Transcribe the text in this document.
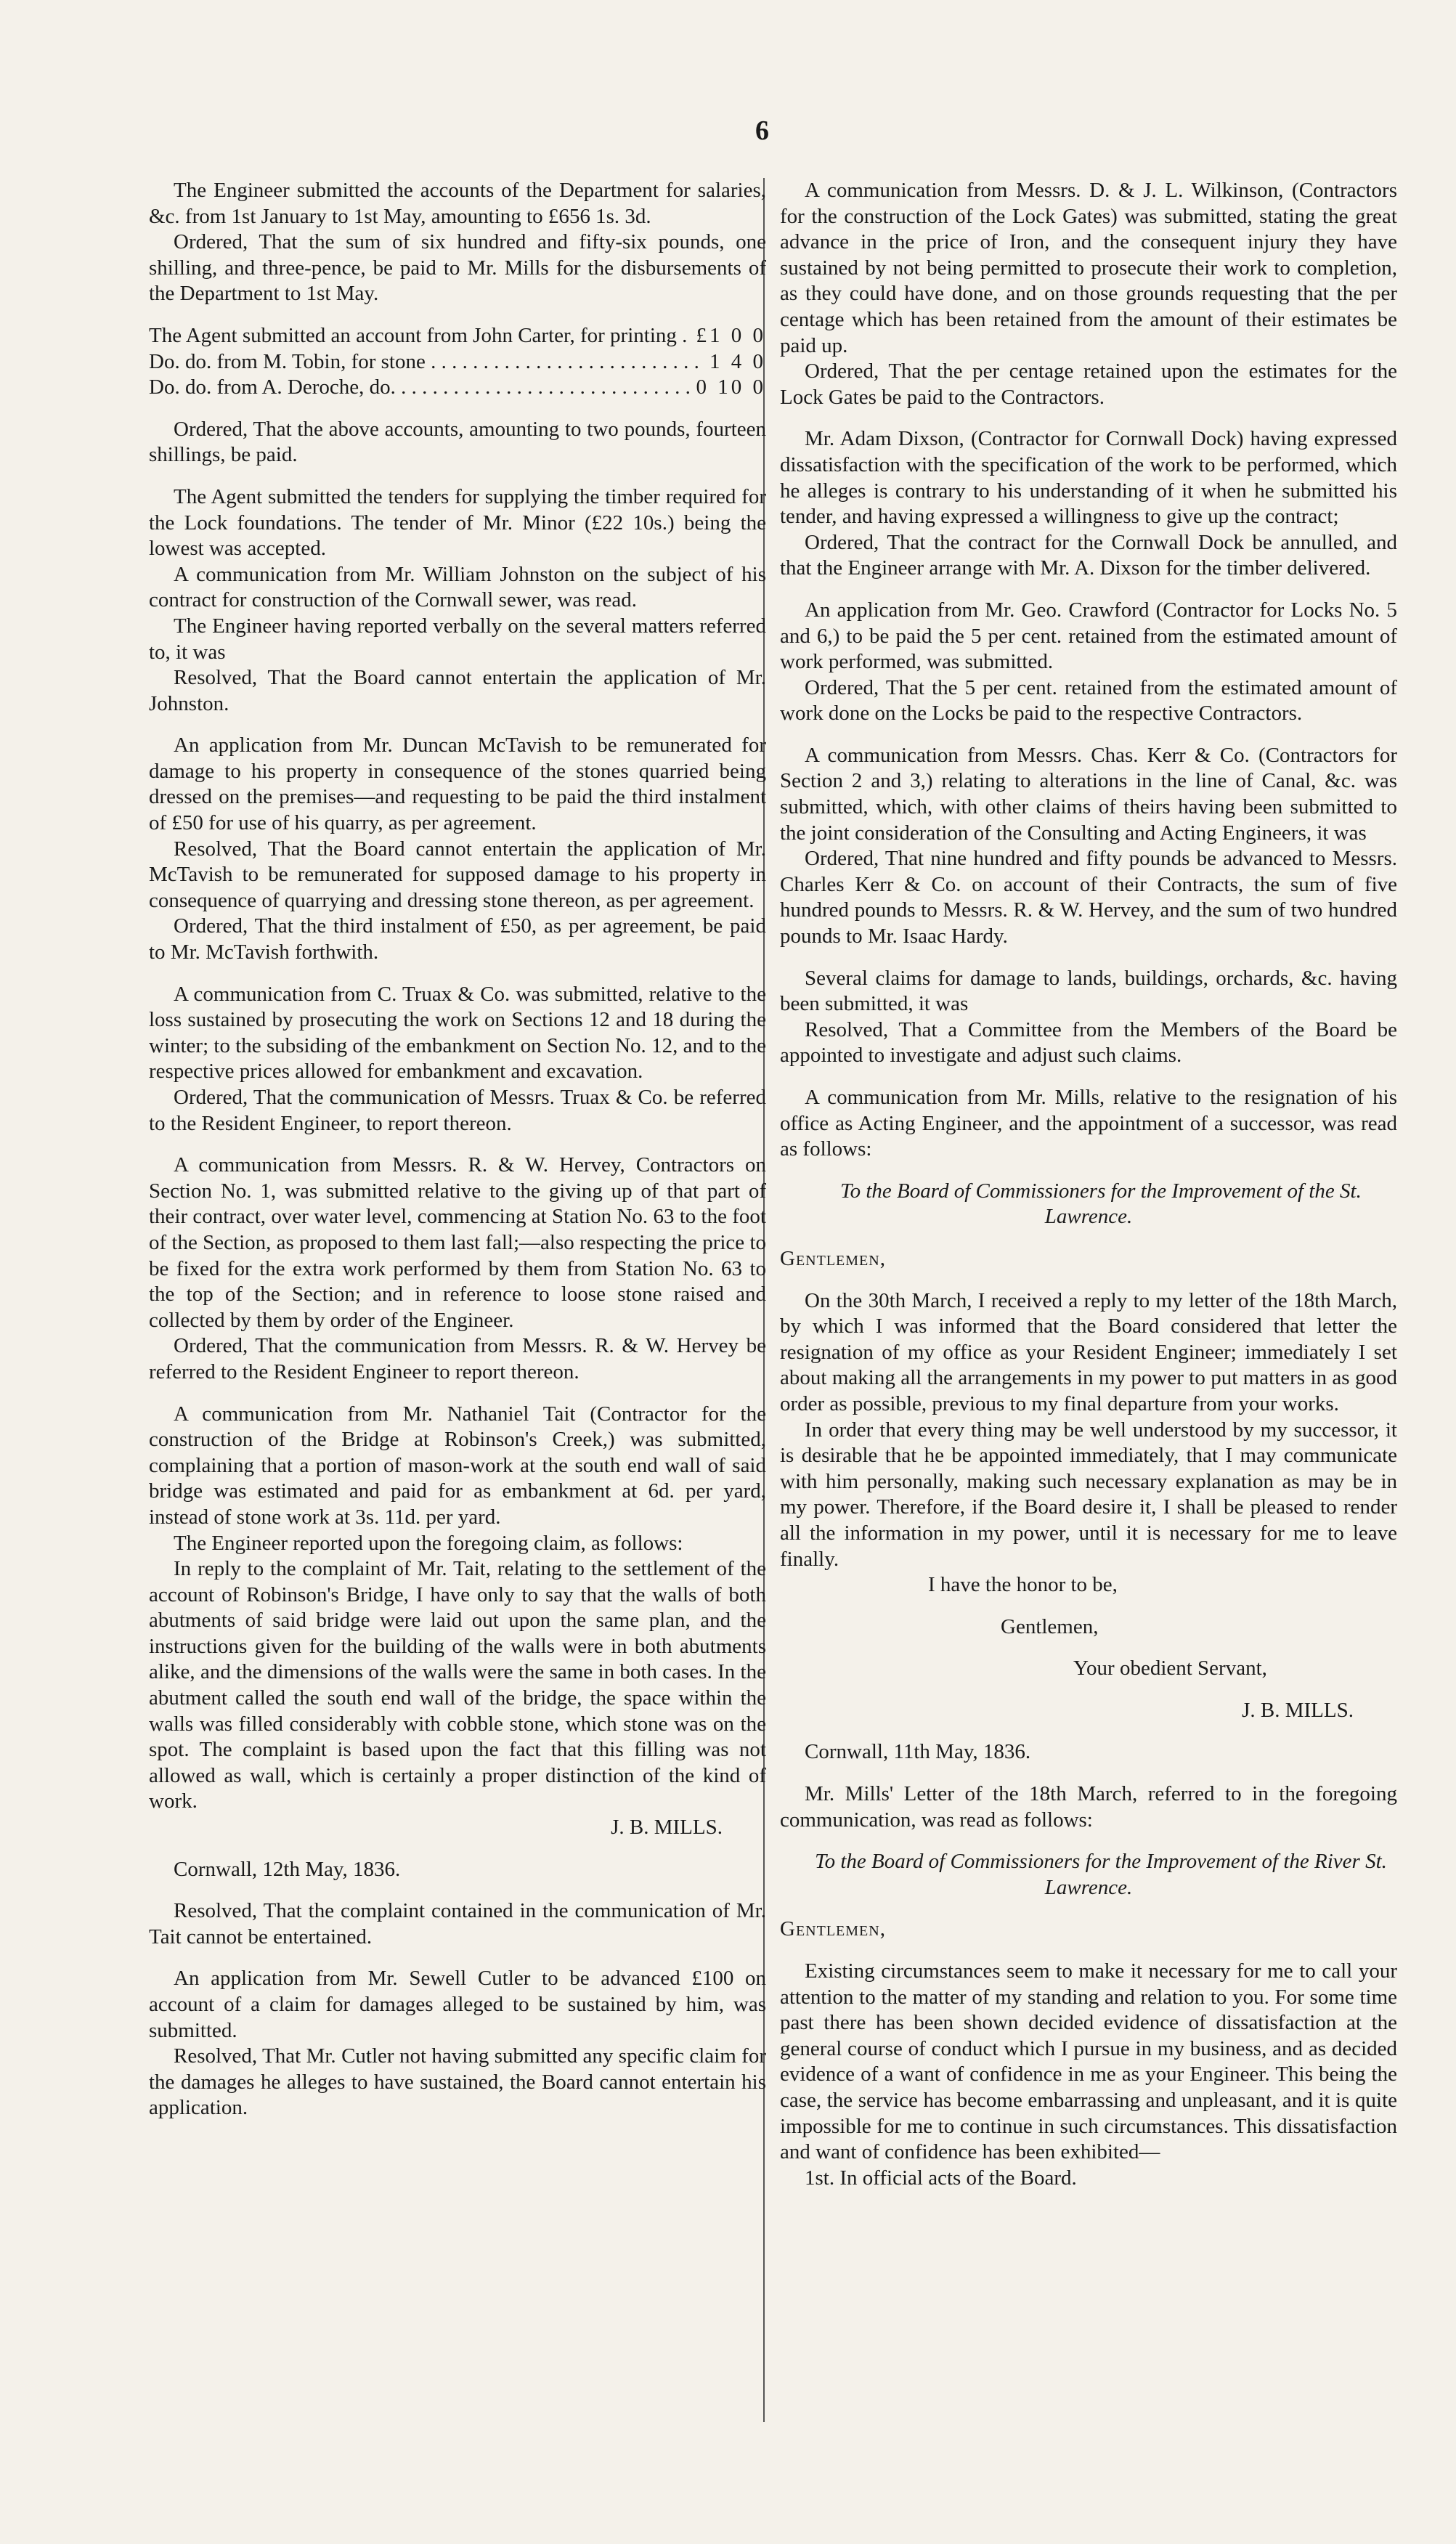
6

The Engineer submitted the accounts of the Department for salaries, &c. from 1st January to 1st May, amounting to £656 1s. 3d.

Ordered, That the sum of six hundred and fifty-six pounds, one shilling, and three-pence, be paid to Mr. Mills for the disbursements of the Department to 1st May.

The Agent submitted an account from John Carter, for printing . . . £1 0 0
Do. do. from M. Tobin, for stone . . .	1 4 0
Do. do. from A. Deroche, do. . . .	0 10 0

Ordered, That the above accounts, amounting to two pounds, fourteen shillings, be paid.

The Agent submitted the tenders for supplying the timber required for the Lock foundations. The tender of Mr. Minor (£22 10s.) being the lowest was accepted.

A communication from Mr. William Johnston on the subject of his contract for construction of the Cornwall sewer, was read.

The Engineer having reported verbally on the several matters referred to, it was

Resolved, That the Board cannot entertain the application of Mr. Johnston.

An application from Mr. Duncan McTavish to be remunerated for damage to his property in consequence of the stones quarried being dressed on the premises—and requesting to be paid the third instalment of £50 for use of his quarry, as per agreement.

Resolved, That the Board cannot entertain the application of Mr. McTavish to be remunerated for supposed damage to his property in consequence of quarrying and dressing stone thereon, as per agreement.

Ordered, That the third instalment of £50, as per agreement, be paid to Mr. McTavish forthwith.

A communication from C. Truax & Co. was submitted, relative to the loss sustained by prosecuting the work on Sections 12 and 18 during the winter; to the subsiding of the embankment on Section No. 12, and to the respective prices allowed for embankment and excavation.

Ordered, That the communication of Messrs. Truax & Co. be referred to the Resident Engineer, to report thereon.

A communication from Messrs. R. & W. Hervey, Contractors on Section No. 1, was submitted relative to the giving up of that part of their contract, over water level, commencing at Station No. 63 to the foot of the Section, as proposed to them last fall;—also respecting the price to be fixed for the extra work performed by them from Station No. 63 to the top of the Section; and in reference to loose stone raised and collected by them by order of the Engineer.

Ordered, That the communication from Messrs. R. & W. Hervey be referred to the Resident Engineer to report thereon.

A communication from Mr. Nathaniel Tait (Contractor for the construction of the Bridge at Robinson's Creek,) was submitted, complaining that a portion of mason-work at the south end wall of said bridge was estimated and paid for as embankment at 6d. per yard, instead of stone work at 3s. 11d. per yard.

The Engineer reported upon the foregoing claim, as follows:

In reply to the complaint of Mr. Tait, relating to the settlement of the account of Robinson's Bridge, I have only to say that the walls of both abutments of said bridge were laid out upon the same plan, and the instructions given for the building of the walls were in both abutments alike, and the dimensions of the walls were the same in both cases. In the abutment called the south end wall of the bridge, the space within the walls was filled considerably with cobble stone, which stone was on the spot. The complaint is based upon the fact that this filling was not allowed as wall, which is certainly a proper distinction of the kind of work.

J. B. MILLS.

Cornwall, 12th May, 1836.

Resolved, That the complaint contained in the communication of Mr. Tait cannot be entertained.

An application from Mr. Sewell Cutler to be advanced £100 on account of a claim for damages alleged to be sustained by him, was submitted.

Resolved, That Mr. Cutler not having submitted any specific claim for the damages he alleges to have sustained, the Board cannot entertain his application.

A communication from Messrs. D. & J. L. Wilkinson, (Contractors for the construction of the Lock Gates) was submitted, stating the great advance in the price of Iron, and the consequent injury they have sustained by not being permitted to prosecute their work to completion, as they could have done, and on those grounds requesting that the per centage which has been retained from the amount of their estimates be paid up.

Ordered, That the per centage retained upon the estimates for the Lock Gates be paid to the Contractors.

Mr. Adam Dixson, (Contractor for Cornwall Dock) having expressed dissatisfaction with the specification of the work to be performed, which he alleges is contrary to his understanding of it when he submitted his tender, and having expressed a willingness to give up the contract;

Ordered, That the contract for the Cornwall Dock be annulled, and that the Engineer arrange with Mr. A. Dixson for the timber delivered.

An application from Mr. Geo. Crawford (Contractor for Locks No. 5 and 6,) to be paid the 5 per cent. retained from the estimated amount of work performed, was submitted.

Ordered, That the 5 per cent. retained from the estimated amount of work done on the Locks be paid to the respective Contractors.

A communication from Messrs. Chas. Kerr & Co. (Contractors for Section 2 and 3,) relating to alterations in the line of Canal, &c. was submitted, which, with other claims of theirs having been submitted to the joint consideration of the Consulting and Acting Engineers, it was

Ordered, That nine hundred and fifty pounds be advanced to Messrs. Charles Kerr & Co. on account of their Contracts, the sum of five hundred pounds to Messrs. R. & W. Hervey, and the sum of two hundred pounds to Mr. Isaac Hardy.

Several claims for damage to lands, buildings, orchards, &c. having been submitted, it was

Resolved, That a Committee from the Members of the Board be appointed to investigate and adjust such claims.

A communication from Mr. Mills, relative to the resignation of his office as Acting Engineer, and the appointment of a successor, was read as follows:

To the Board of Commissioners for the Improvement of the St. Lawrence.

Gentlemen,

On the 30th March, I received a reply to my letter of the 18th March, by which I was informed that the Board considered that letter the resignation of my office as your Resident Engineer; immediately I set about making all the arrangements in my power to put matters in as good order as possible, previous to my final departure from your works.

In order that every thing may be well understood by my successor, it is desirable that he be appointed immediately, that I may communicate with him personally, making such necessary explanation as may be in my power. Therefore, if the Board desire it, I shall be pleased to render all the information in my power, until it is necessary for me to leave finally.

I have the honor to be,

Gentlemen,

Your obedient Servant,

J. B. MILLS.

Cornwall, 11th May, 1836.

Mr. Mills' Letter of the 18th March, referred to in the foregoing communication, was read as follows:

To the Board of Commissioners for the Improvement of the River St. Lawrence.

Gentlemen,

Existing circumstances seem to make it necessary for me to call your attention to the matter of my standing and relation to you. For some time past there has been shown decided evidence of dissatisfaction at the general course of conduct which I pursue in my business, and as decided evidence of a want of confidence in me as your Engineer. This being the case, the service has become embarrassing and unpleasant, and it is quite impossible for me to continue in such circumstances. This dissatisfaction and want of confidence has been exhibited—

1st. In official acts of the Board.
